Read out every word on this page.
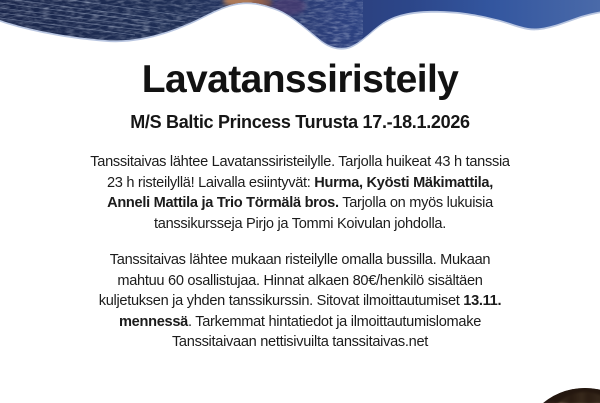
Lavatanssiristeily
M/S Baltic Princess Turusta 17.-18.1.2026

Tanssitaivas lähtee Lavatanssiristeilylle. Tarjolla huikeat 43 h tanssia 23 h risteilyllä! Laivalla esiintyvät: Hurma, Kyösti Mäkimattila, Anneli Mattila ja Trio Törmälä bros. Tarjolla on myös lukuisia tanssikursseja Pirjo ja Tommi Koivulan johdolla.

Tanssitaivas lähtee mukaan risteilylle omalla bussilla. Mukaan mahtuu 60 osallistujaa. Hinnat alkaen 80€/henkilö sisältäen kuljetuksen ja yhden tanssikurssin. Sitovat ilmoittautumiset 13.11. mennessä. Tarkemmat hintatiedot ja ilmoittautumislomake Tanssitaivaan nettisivuilta tanssitaivas.net
